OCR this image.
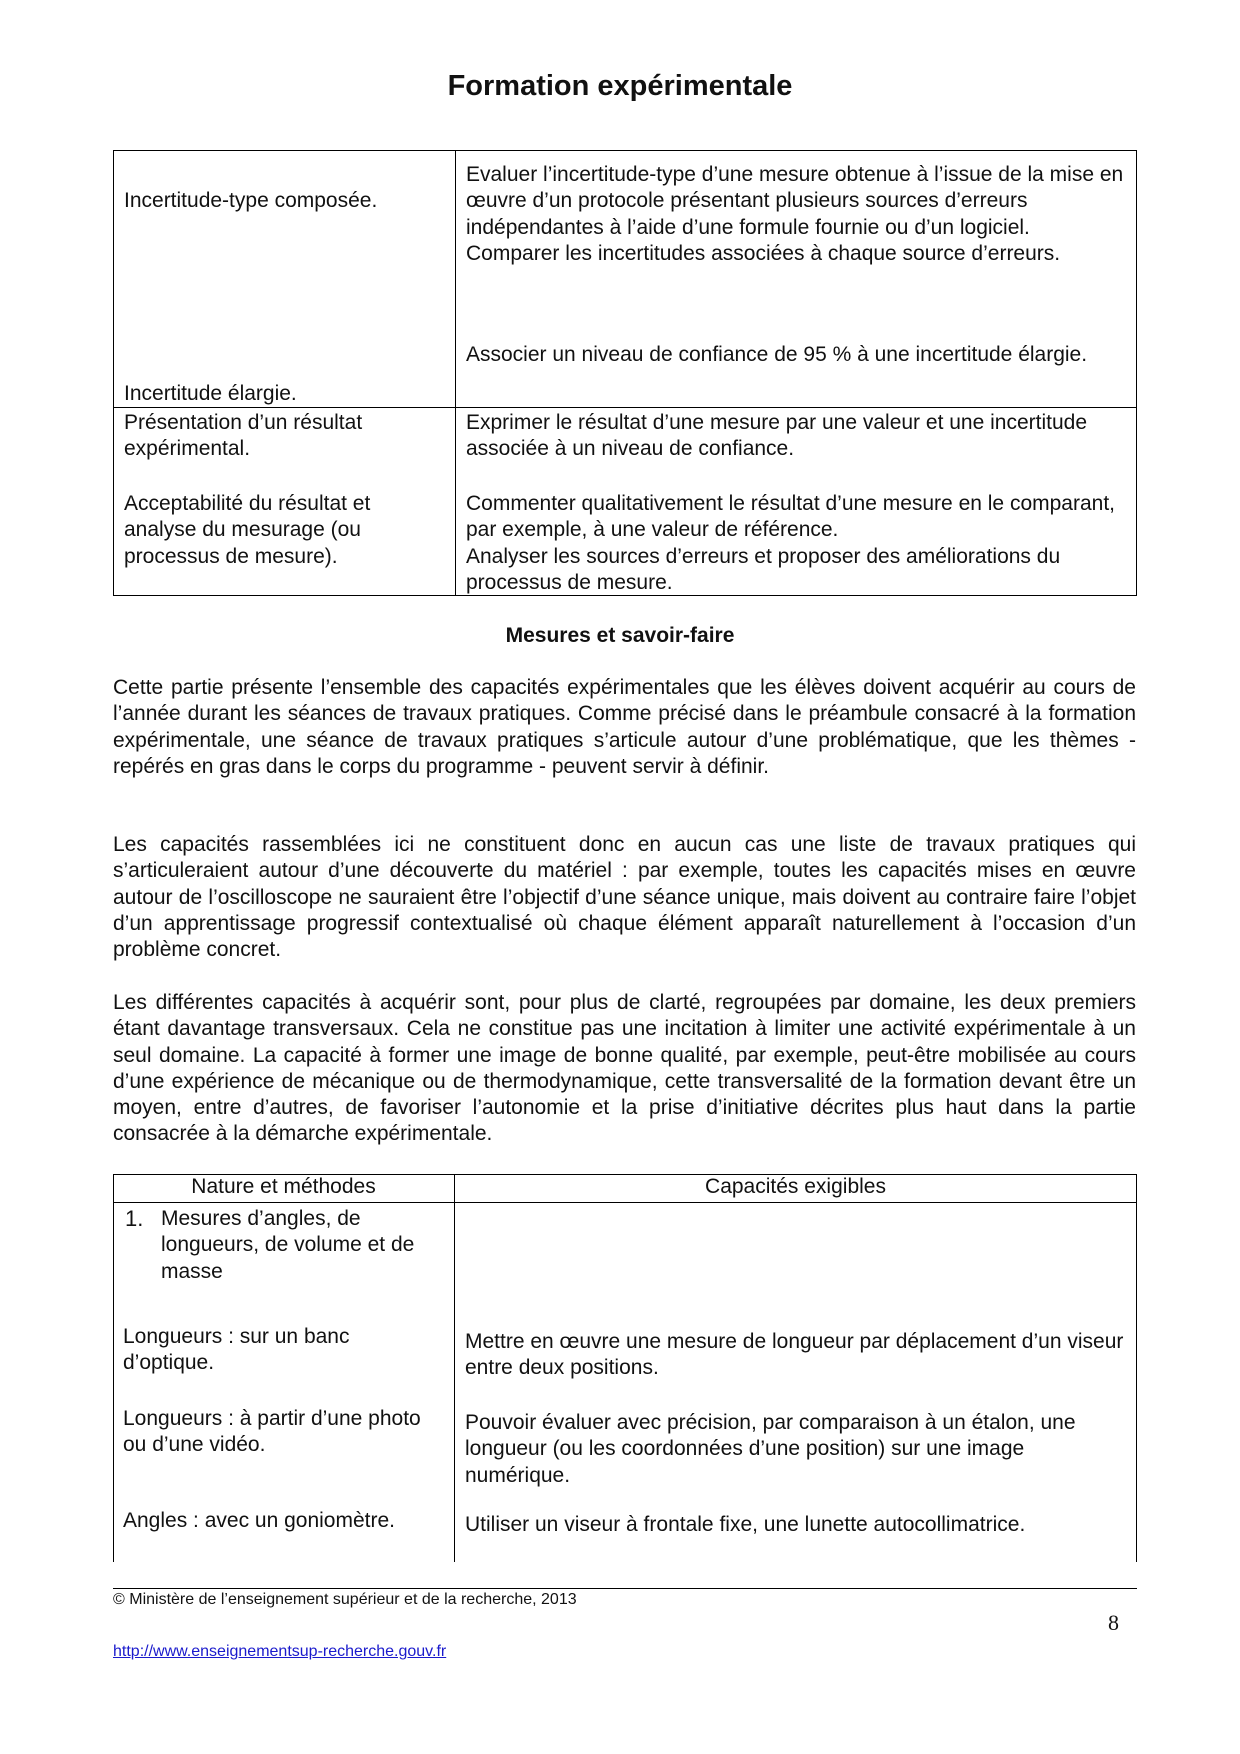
Formation expérimentale
Incertitude-type composée.
Evaluer l’incertitude-type d’une mesure obtenue à l’issue de la mise en œuvre d’un protocole présentant plusieurs sources d’erreurs indépendantes à l’aide d’une formule fournie ou d’un logiciel.
Comparer les incertitudes associées à chaque source d’erreurs.
Incertitude élargie.
Associer un niveau de confiance de 95 % à une incertitude élargie.
Présentation d’un résultat expérimental.
Exprimer le résultat d’une mesure par une valeur et une incertitude associée à un niveau de confiance.
Acceptabilité du résultat et analyse du mesurage (ou processus de mesure).
Commenter qualitativement le résultat d’une mesure en le comparant, par exemple, à une valeur de référence.
Analyser les sources d’erreurs et proposer des améliorations du processus de mesure.
Mesures et savoir-faire
Cette partie présente l’ensemble des capacités expérimentales que les élèves doivent acquérir au cours de l’année durant les séances de travaux pratiques. Comme précisé dans le préambule consacré à la formation expérimentale, une séance de travaux pratiques s’articule autour d’une problématique, que les thèmes - repérés en gras dans le corps du programme - peuvent servir à définir.
Les capacités rassemblées ici ne constituent donc en aucun cas une liste de travaux pratiques qui s’articuleraient autour d’une découverte du matériel : par exemple, toutes les capacités mises en œuvre autour de l’oscilloscope ne sauraient être l’objectif d’une séance unique, mais doivent au contraire faire l’objet d’un apprentissage progressif contextualisé où chaque élément apparaît naturellement à l’occasion d’un problème concret.
Les différentes capacités à acquérir sont, pour plus de clarté, regroupées par domaine, les deux premiers étant davantage transversaux. Cela ne constitue pas une incitation à limiter une activité expérimentale à un seul domaine. La capacité à former une image de bonne qualité, par exemple, peut-être mobilisée au cours d’une expérience de mécanique ou de thermodynamique, cette transversalité de la formation devant être un moyen, entre d’autres, de favoriser l’autonomie et la prise d’initiative décrites plus haut dans la partie consacrée à la démarche expérimentale.
Nature et méthodes	Capacités exigibles
1. Mesures d’angles, de longueurs, de volume et de masse
Longueurs : sur un banc d’optique.
Mettre en œuvre une mesure de longueur par déplacement d’un viseur entre deux positions.
Longueurs : à partir d’une photo ou d’une vidéo.
Pouvoir évaluer avec précision, par comparaison à un étalon, une longueur (ou les coordonnées d’une position) sur une image numérique.
Angles : avec un goniomètre.	Utiliser un viseur à frontale fixe, une lunette autocollimatrice.
© Ministère de l’enseignement supérieur et de la recherche, 2013
8
http://www.enseignementsup-recherche.gouv.fr
